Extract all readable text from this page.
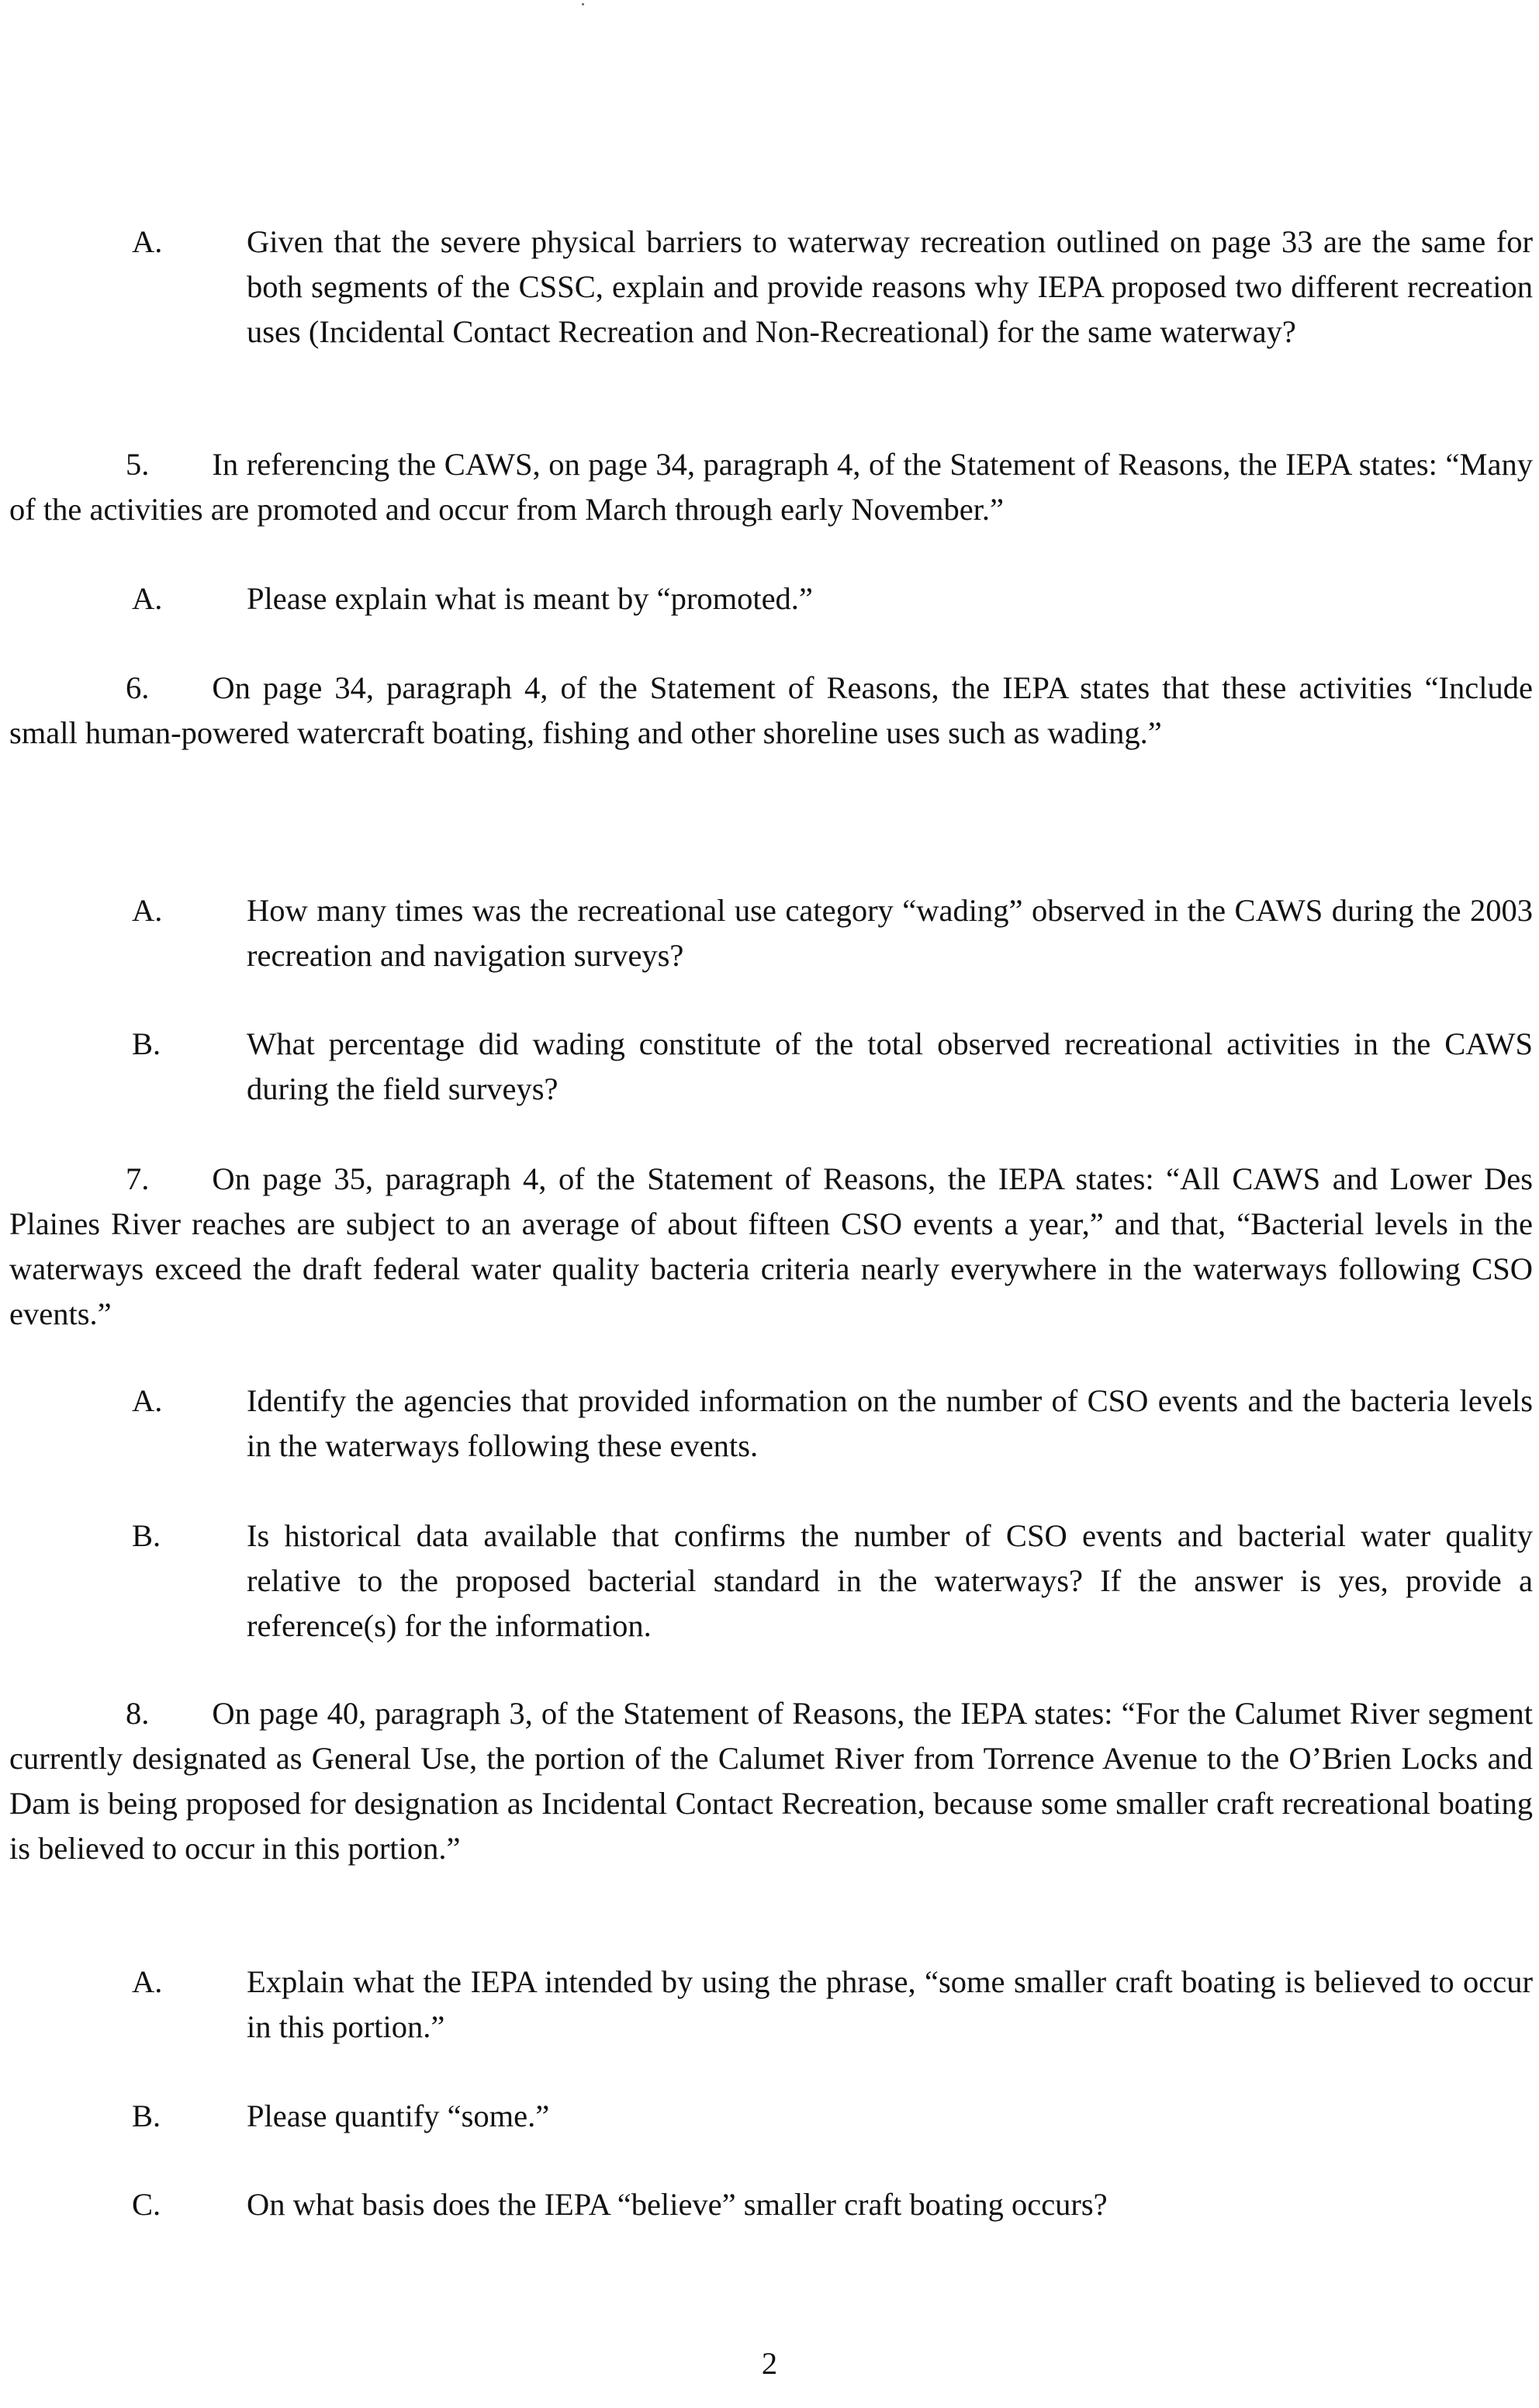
A.	Given that the severe physical barriers to waterway recreation outlined on page 33 are the same for both segments of the CSSC, explain and provide reasons why IEPA proposed two different recreation uses (Incidental Contact Recreation and Non-Recreational) for the same waterway?

5.  In referencing the CAWS, on page 34, paragraph 4, of the Statement of Reasons, the IEPA states: “Many of the activities are promoted and occur from March through early November.”

A.	Please explain what is meant by “promoted.”

6.  On page 34, paragraph 4, of the Statement of Reasons, the IEPA states that these activities “Include small human-powered watercraft boating, fishing and other shoreline uses such as wading.”

A.	How many times was the recreational use category “wading” observed in the CAWS during the 2003 recreation and navigation surveys?
B.	What percentage did wading constitute of the total observed recreational activities in the CAWS during the field surveys?

7.  On page 35, paragraph 4, of the Statement of Reasons, the IEPA states: “All CAWS and Lower Des Plaines River reaches are subject to an average of about fifteen CSO events a year,” and that, “Bacterial levels in the waterways exceed the draft federal water quality bacteria criteria nearly everywhere in the waterways following CSO events.”

A.	Identify the agencies that provided information on the number of CSO events and the bacteria levels in the waterways following these events.
B.	Is historical data available that confirms the number of CSO events and bacterial water quality relative to the proposed bacterial standard in the waterways? If the answer is yes, provide a reference(s) for the information.

8.  On page 40, paragraph 3, of the Statement of Reasons, the IEPA states: “For the Calumet River segment currently designated as General Use, the portion of the Calumet River from Torrence Avenue to the O’Brien Locks and Dam is being proposed for designation as Incidental Contact Recreation, because some smaller craft recreational boating is believed to occur in this portion.”

A.	Explain what the IEPA intended by using the phrase, “some smaller craft boating is believed to occur in this portion.”
B.	Please quantify “some.”
C.	On what basis does the IEPA “believe” smaller craft boating occurs?
2
